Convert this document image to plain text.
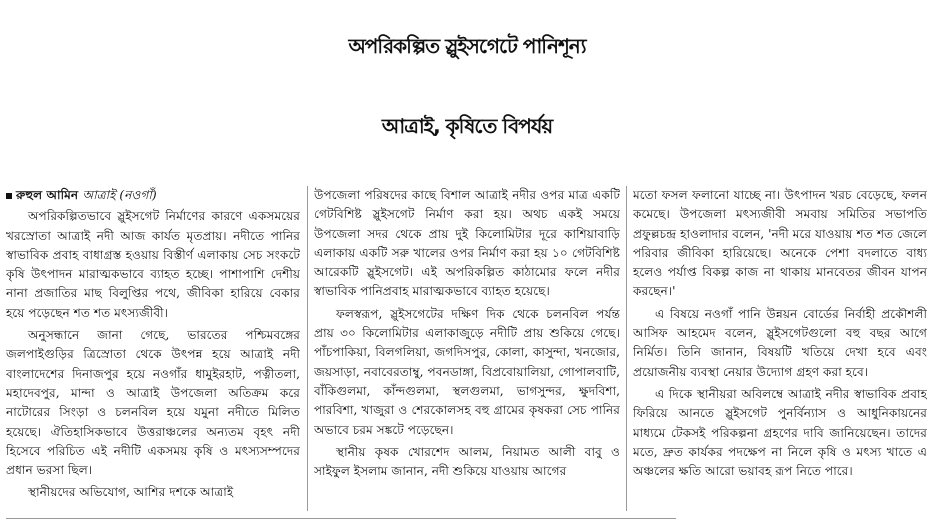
অপরিকল্পিত স্লুইসগেটে পানিশূন্য
আত্রাই, কৃষিতে বিপর্যয়
রুহুল আমিন আত্রাই (নওগাঁ)

অপরিকল্পিতভাবে স্লুইসগেট নির্মাণের কারণে একসময়ের খরস্রোতা আত্রাই নদী আজ কার্যত মৃতপ্রায়। নদীতে পানির স্বাভাবিক প্রবাহ বাধাগ্রস্ত হওয়ায় বিস্তীর্ণ এলাকায় সেচ সংকটে কৃষি উৎপাদন মারাত্মকভাবে ব্যাহত হচ্ছে। পাশাপাশি দেশীয় নানা প্রজাতির মাছ বিলুপ্তির পথে, জীবিকা হারিয়ে বেকার হয়ে পড়েছেন শত শত মৎস্যজীবী।

অনুসন্ধানে জানা গেছে, ভারতের পশ্চিমবঙ্গের জলপাইগুড়ির ত্রিস্রোতা থেকে উৎপন্ন হয়ে আত্রাই নদী বাংলাদেশের দিনাজপুর হয়ে নওগাঁর ধামুইরহাট, পত্নীতলা, মহাদেবপুর, মান্দা ও আত্রাই উপজেলা অতিক্রম করে নাটোরের সিংড়া ও চলনবিল হয়ে যমুনা নদীতে মিলিত হয়েছে। ঐতিহাসিকভাবে উত্তরাঞ্চলের অন্যতম বৃহৎ নদী হিসেবে পরিচিত এই নদীটি একসময় কৃষি ও মৎস্যসম্পদের প্রধান ভরসা ছিল।

স্থানীয়দের অভিযোগ, আশির দশকে আত্রাই

উপজেলা পরিষদের কাছে বিশাল আত্রাই নদীর ওপর মাত্র একটি গেটবিশিষ্ট স্লুইসগেট নির্মাণ করা হয়। অথচ একই সময়ে উপজেলা সদর থেকে প্রায় দুই কিলোমিটার দূরে কাশিয়াবাড়ি এলাকায় একটি সরু খালের ওপর নির্মাণ করা হয় ১০ গেটবিশিষ্ট আরেকটি স্লুইসগেট। এই অপরিকল্পিত কাঠামোর ফলে নদীর স্বাভাবিক পানিপ্রবাহ মারাত্মকভাবে ব্যাহত হয়েছে।

ফলস্বরূপ, স্লুইসগেটের দক্ষিণ দিক থেকে চলনবিল পর্যন্ত প্রায় ৩০ কিলোমিটার এলাকাজুড়ে নদীটি প্রায় শুকিয়ে গেছে। পাঁচপাকিয়া, বিলগলিয়া, জগদিসপুর, কোলা, কাসুন্দা, খনজোর, জয়সাড়া, নবাবেরতাম্বু, পবনডাঙ্গা, বিপ্রবোয়ালিয়া, গোপালবাটি, বাঁকিগুলমা, কাঁন্দগুলমা, স্থলগুলমা, ভাগসুন্দর, ক্ষুদবিশা, পারবিশা, খাজুরা ও শেরকোলসহ বহু গ্রামের কৃষকরা সেচ পানির অভাবে চরম সঙ্কটে পড়েছেন।

স্থানীয় কৃষক খোরশেদ আলম, নিয়ামত আলী বাবু ও সাইফুল ইসলাম জানান, নদী শুকিয়ে যাওয়ায় আগের

মতো ফসল ফলানো যাচ্ছে না। উৎপাদন খরচ বেড়েছে, ফলন কমেছে। উপজেলা মৎস্যজীবী সমবায় সমিতির সভাপতি প্রফুল্লচন্দ্র হাওলাদার বলেন, 'নদী মরে যাওয়ায় শত শত জেলে পরিবার জীবিকা হারিয়েছে। অনেকে পেশা বদলাতে বাধ্য হলেও পর্যাপ্ত বিকল্প কাজ না থাকায় মানবেতর জীবন যাপন করছেন।'

এ বিষয়ে নওগাঁ পানি উন্নয়ন বোর্ডের নির্বাহী প্রকৌশলী আসিফ আহমেদ বলেন, স্লুইসগেটগুলো বহু বছর আগে নির্মিত। তিনি জানান, বিষয়টি খতিয়ে দেখা হবে এবং প্রয়োজনীয় ব্যবস্থা নেয়ার উদ্যোগ গ্রহণ করা হবে।

এ দিকে স্থানীয়রা অবিলম্বে আত্রাই নদীর স্বাভাবিক প্রবাহ ফিরিয়ে আনতে স্লুইসগেট পুনর্বিন্যাস ও আধুনিকায়নের মাধ্যমে টেকসই পরিকল্পনা গ্রহণের দাবি জানিয়েছেন। তাদের মতে, দ্রুত কার্যকর পদক্ষেপ না নিলে কৃষি ও মৎস্য খাতে এ অঞ্চলের ক্ষতি আরো ভয়াবহ রূপ নিতে পারে।
